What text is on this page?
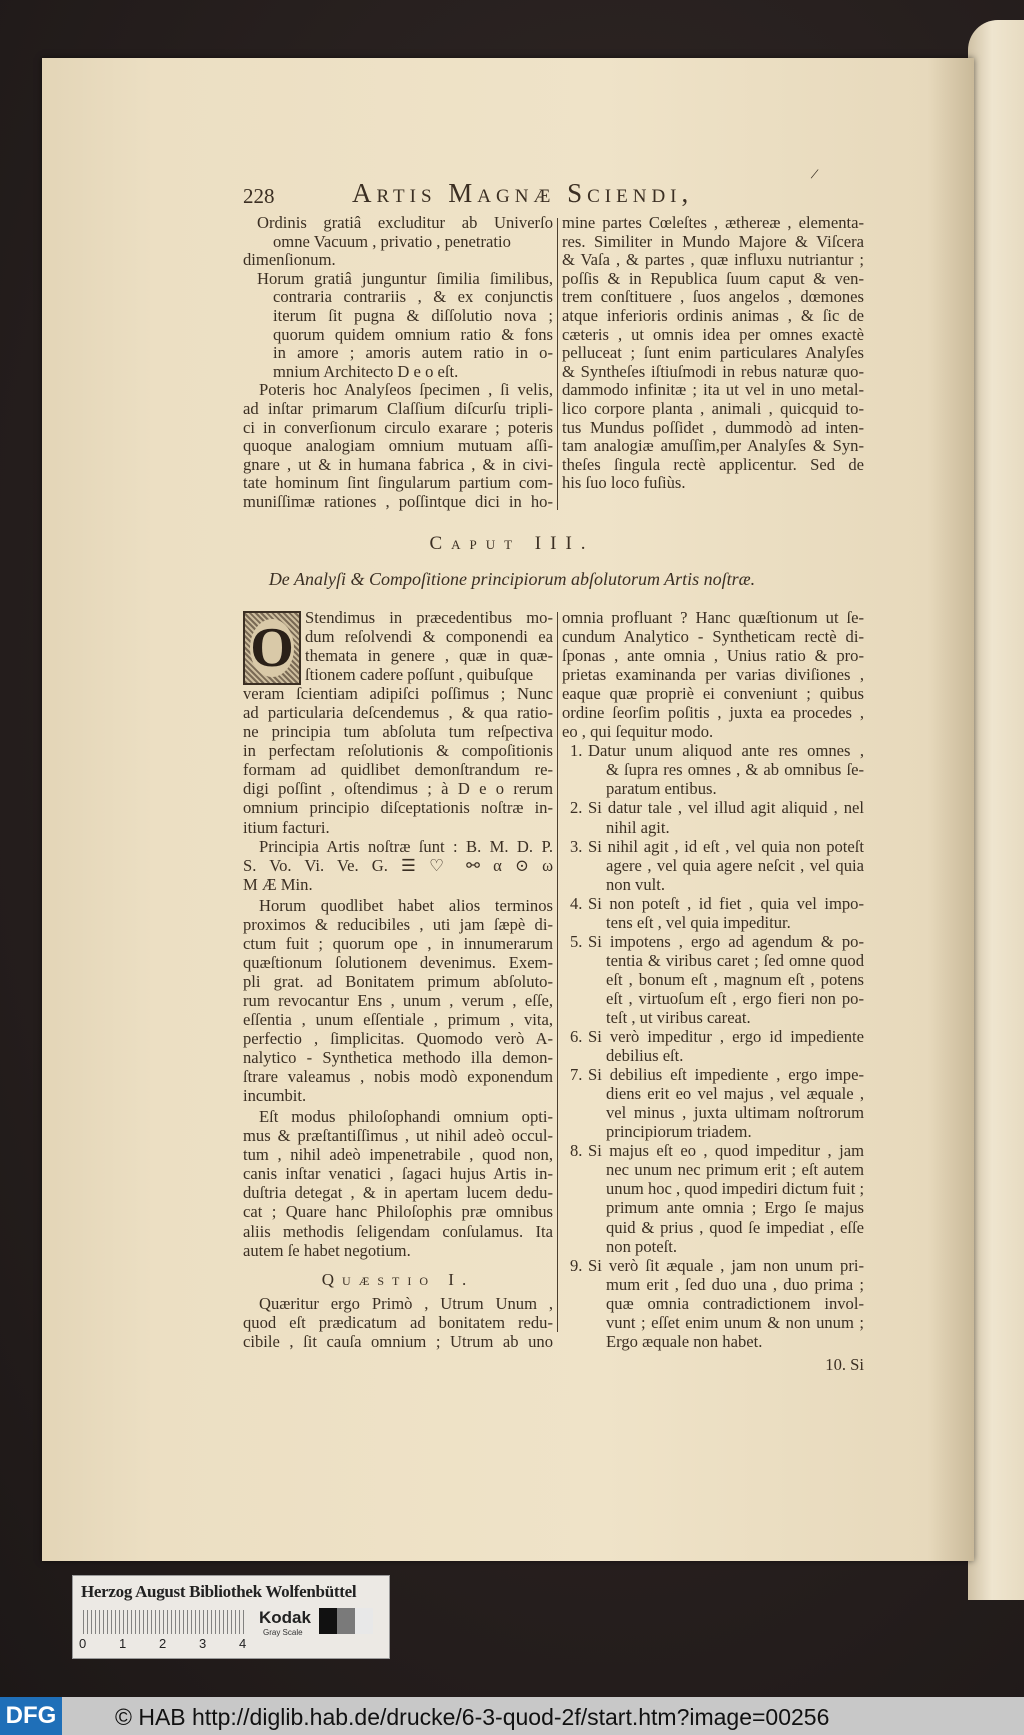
228	Artis Magnæ Sciendi,
/
Ordinis gratiâ excluditur ab Univerſo
omne Vacuum , privatio , penetratio
dimenſionum.
Horum gratiâ junguntur ſimilia ſimilibus,
contraria contrariis , & ex conjunctis
iterum ſit pugna & diſſolutio nova ;
quorum quidem omnium ratio & fons
in amore ; amoris autem ratio in o-
mnium Architecto D e o eſt.
Poteris hoc Analyſeos ſpecimen , ſi velis,
ad inſtar primarum Claſſium diſcurſu tripli-
ci in converſionum circulo exarare ; poteris
quoque analogiam omnium mutuam aſſi-
gnare , ut & in humana fabrica , & in civi-
tate hominum ſint ſingularum partium com-
muniſſimæ rationes , poſſintque dici in ho-
mine partes Cœleſtes , æthereæ , elementa-
res. Similiter in Mundo Majore & Viſcera
& Vaſa , & partes , quæ influxu nutriantur ;
poſſis & in Republica ſuum caput & ven-
trem conſtituere , ſuos angelos , dœmones
atque inferioris ordinis animas , & ſic de
cæteris , ut omnis idea per omnes exactè
pelluceat ; ſunt enim particulares Analyſes
& Syntheſes iſtiuſmodi in rebus naturæ quo-
dammodo infinitæ ; ita ut vel in uno metal-
lico corpore planta , animali , quicquid to-
tus Mundus poſſidet , dummodò ad inten-
tam analogiæ amuſſim,per Analyſes & Syn-
theſes ſingula rectè applicentur. Sed de
his ſuo loco fuſiùs.
Caput III.
De Analyſi & Compoſitione principiorum abſolutorum Artis noſtræ.
O Stendimus in præcedentibus mo-
dum reſolvendi & componendi ea
themata in genere , quæ in quæ-
ſtionem cadere poſſunt , quibuſque
veram ſcientiam adipiſci poſſimus ; Nunc
ad particularia deſcendemus , & qua ratio-
ne principia tum abſoluta tum reſpectiva
in perfectam reſolutionis & compoſitionis
formam ad quidlibet demonſtrandum re-
digi poſſint , oſtendimus ; à D e o rerum
omnium principio diſceptationis noſtræ in-
itium facturi.
Principia Artis noſtræ ſunt : B. M. D. P.
S. Vo. Vi. Ve. G. ☰ ♡ ⚯ α ⊙ ω
M Æ Min.
Horum quodlibet habet alios terminos
proximos & reducibiles , uti jam ſæpè di-
ctum fuit ; quorum ope , in innumerarum
quæſtionum ſolutionem devenimus. Exem-
pli grat. ad Bonitatem primum abſoluto-
rum revocantur Ens , unum , verum , eſſe,
eſſentia , unum eſſentiale , primum , vita,
perfectio , ſimplicitas. Quomodo verò A-
nalytico - Synthetica methodo illa demon-
ſtrare valeamus , nobis modò exponendum
incumbit.
Eſt modus philoſophandi omnium opti-
mus & præſtantiſſimus , ut nihil adeò occul-
tum , nihil adeò impenetrabile , quod non,
canis inſtar venatici , ſagaci hujus Artis in-
duſtria detegat , & in apertam lucem dedu-
cat ; Quare hanc Philoſophis præ omnibus
aliis methodis ſeligendam conſulamus. Ita
autem ſe habet negotium.
Quæstio I.
Quæritur ergo Primò , Utrum Unum ,
quod eſt prædicatum ad bonitatem redu-
cibile , ſit cauſa omnium ; Utrum ab uno
omnia profluant ? Hanc quæſtionum ut ſe-
cundum Analytico - Syntheticam rectè di-
ſponas , ante omnia , Unius ratio & pro-
prietas examinanda per varias diviſiones ,
eaque quæ propriè ei conveniunt ; quibus
ordine ſeorſim poſitis , juxta ea procedes ,
eo , qui ſequitur modo.
1. Datur unum aliquod ante res omnes ,
& ſupra res omnes , & ab omnibus ſe-
paratum entibus.
2. Si datur tale , vel illud agit aliquid , nel
nihil agit.
3. Si nihil agit , id eſt , vel quia non poteſt
agere , vel quia agere neſcit , vel quia
non vult.
4. Si non poteſt , id fiet , quia vel impo-
tens eſt , vel quia impeditur.
5. Si impotens , ergo ad agendum & po-
tentia & viribus caret ; ſed omne quod
eſt , bonum eſt , magnum eſt , potens
eſt , virtuoſum eſt , ergo fieri non po-
teſt , ut viribus careat.
6. Si verò impeditur , ergo id impediente
debilius eſt.
7. Si debilius eſt impediente , ergo impe-
diens erit eo vel majus , vel æquale ,
vel minus , juxta ultimam noſtrorum
principiorum triadem.
8. Si majus eſt eo , quod impeditur , jam
nec unum nec primum erit ; eſt autem
unum hoc , quod impediri dictum fuit ;
primum ante omnia ; Ergo ſe majus
quid & prius , quod ſe impediat , eſſe
non poteſt.
9. Si verò ſit æquale , jam non unum pri-
mum erit , ſed duo una , duo prima ;
quæ omnia contradictionem invol-
vunt ; eſſet enim unum & non unum ;
Ergo æquale non habet.
10. Si
Herzog August Bibliothek Wolfenbüttel
0	1	2	3	4
Kodak
Gray Scale
DFG	© HAB http://diglib.hab.de/drucke/6-3-quod-2f/start.htm?image=00256
